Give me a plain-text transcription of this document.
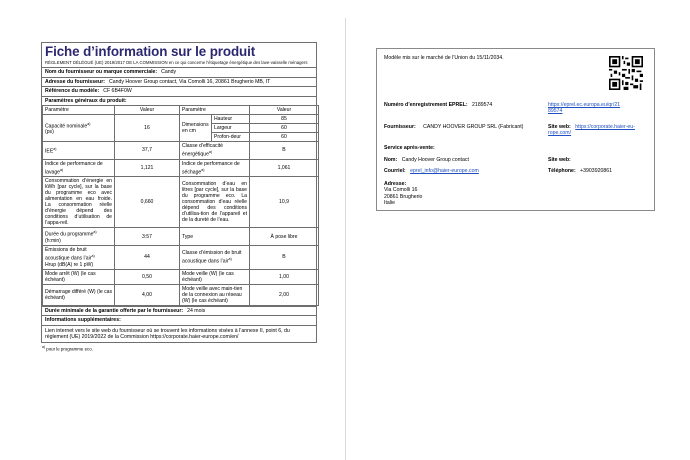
Fiche d’information sur le produit
RÈGLEMENT DÉLÉGUÉ (UE) 2019/2017 DE LA COMMISSION en ce qui concerne l'étiquetage énergétique des lave-vaisselle ménagers
Nom du fournisseur ou marque commerciale: Candy
Adresse du fournisseur: Candy Hoover Group contact, Via Comolli 16, 20861 Brugherio MB, IT
Référence du modèle: CF 6B4F0W
Paramètres généraux du produit:
Paramètre	Valeur	Paramètre		Valeur
Capacité nominale$^{a)}$
(ps)	16	Dimensions en cm	Hauteur	85
			Largeur	60
			Profon-deur	60
IEE$^{a)}$	37,7	Classe d’efficacité énergétique$^{a)}$		B
Indice de performance de lavage$^{a)}$	1,121	Indice de performance de séchage$^{a)}$		1,061
Consommation d’énergie en kWh [par cycle], sur la base du programme eco avec alimentation en eau froide. La consommation réelle d’énergie dépend des conditions d’utilisation de l’appa-reil.	0,660	Consommation d’eau en litres [par cycle], sur la base du programme eco. La consommation d’eau réelle dépend des conditions d’utilisa-tion de l’appareil et de la dureté de l’eau.		10,9
Durée du programme$^{a)}$
(h:min)	3:57	Type		À pose libre
Émissions de bruit acoustique dans l’air$^{a)}$
Hrup (dB(A) re 1 pW)	44	Classe d’émission de bruit acoustique dans l’air$^{a)}$		B
Mode arrêt (W) (le cas échéant)	0,50	Mode veille (W) (le cas échéant)		1,00
Démarrage différé (W) (le cas échéant)	4,00	Mode veille avec main-tien de la connexion au réseau (W) (le cas échéant)		2,00
Durée minimale de la garantie offerte par le fournisseur: 24 mois
Informations supplémentaires:
Lien internet vers le site web du fournisseur où se trouvent les informations visées à l’annexe II, point 6, du règlement (UE) 2019/2022 de la Commission https://corporate.haier-europe.com/en/
$^{a)}$ pour le programme eco.
Modèle mis sur le marché de l’Union du 15/11/2034.
Numéro d’enregistrement EPREL: 2189574	https://eprel.ec.europa.eu/qr/21
89574
Fournisseur: CANDY HOOVER GROUP SRL (Fabricant)	Site web: https://corporate.haier-eu-
rope.com/
Service après-vente:
Nom: Candy Hoover Group contact	Site web:
Courriel: eprel_info@haier-europe.com	Téléphone: +3903920861
Adresse:
Via Comolli 16
20861 Brugherio
Italie
